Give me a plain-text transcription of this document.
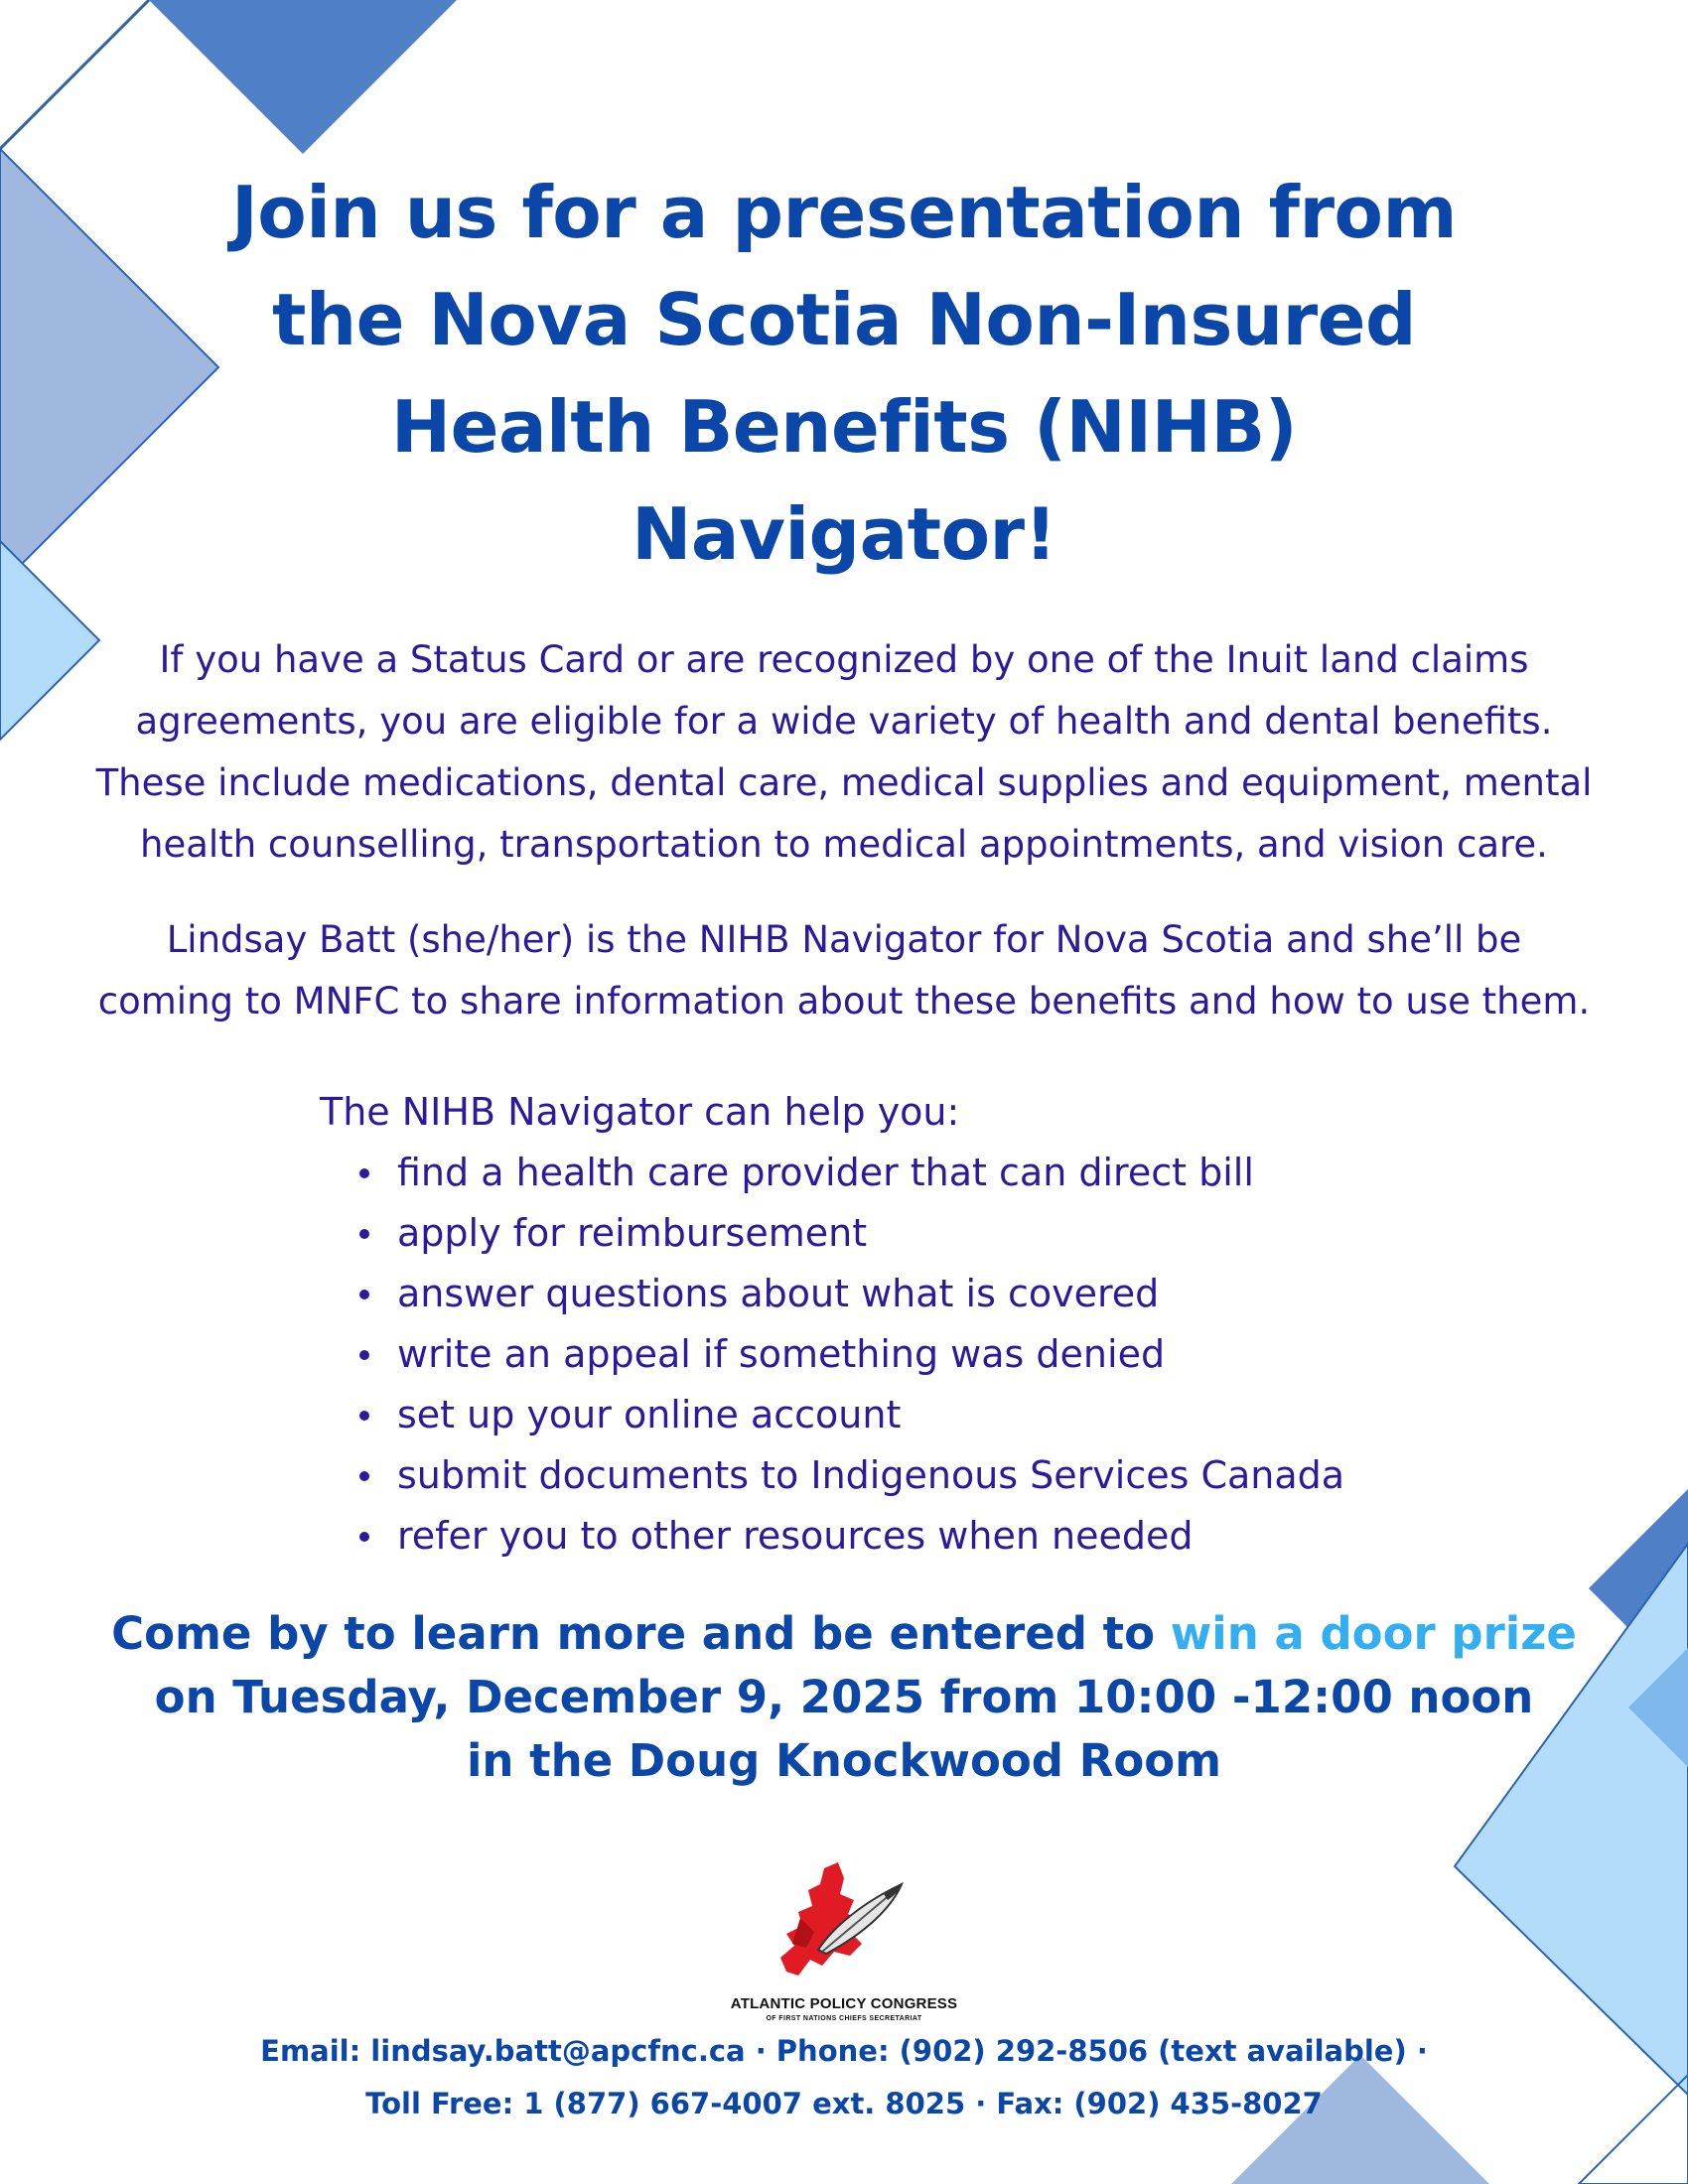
Join us for a presentation from
the Nova Scotia Non-Insured
Health Benefits (NIHB)
Navigator!

If you have a Status Card or are recognized by one of the Inuit land claims
agreements, you are eligible for a wide variety of health and dental benefits.
These include medications, dental care, medical supplies and equipment, mental
health counselling, transportation to medical appointments, and vision care.

Lindsay Batt (she/her) is the NIHB Navigator for Nova Scotia and she’ll be
coming to MNFC to share information about these benefits and how to use them.

The NIHB Navigator can help you:
find a health care provider that can direct bill
apply for reimbursement
answer questions about what is covered
write an appeal if something was denied
set up your online account
submit documents to Indigenous Services Canada
refer you to other resources when needed

Come by to learn more and be entered to win a door prize
on Tuesday, December 9, 2025 from 10:00 -12:00 noon
in the Doug Knockwood Room

ATLANTIC POLICY CONGRESS
OF FIRST NATIONS CHIEFS SECRETARIAT

Email: lindsay.batt@apcfnc.ca · Phone: (902) 292-8506 (text available) ·
Toll Free: 1 (877) 667-4007 ext. 8025 · Fax: (902) 435-8027
